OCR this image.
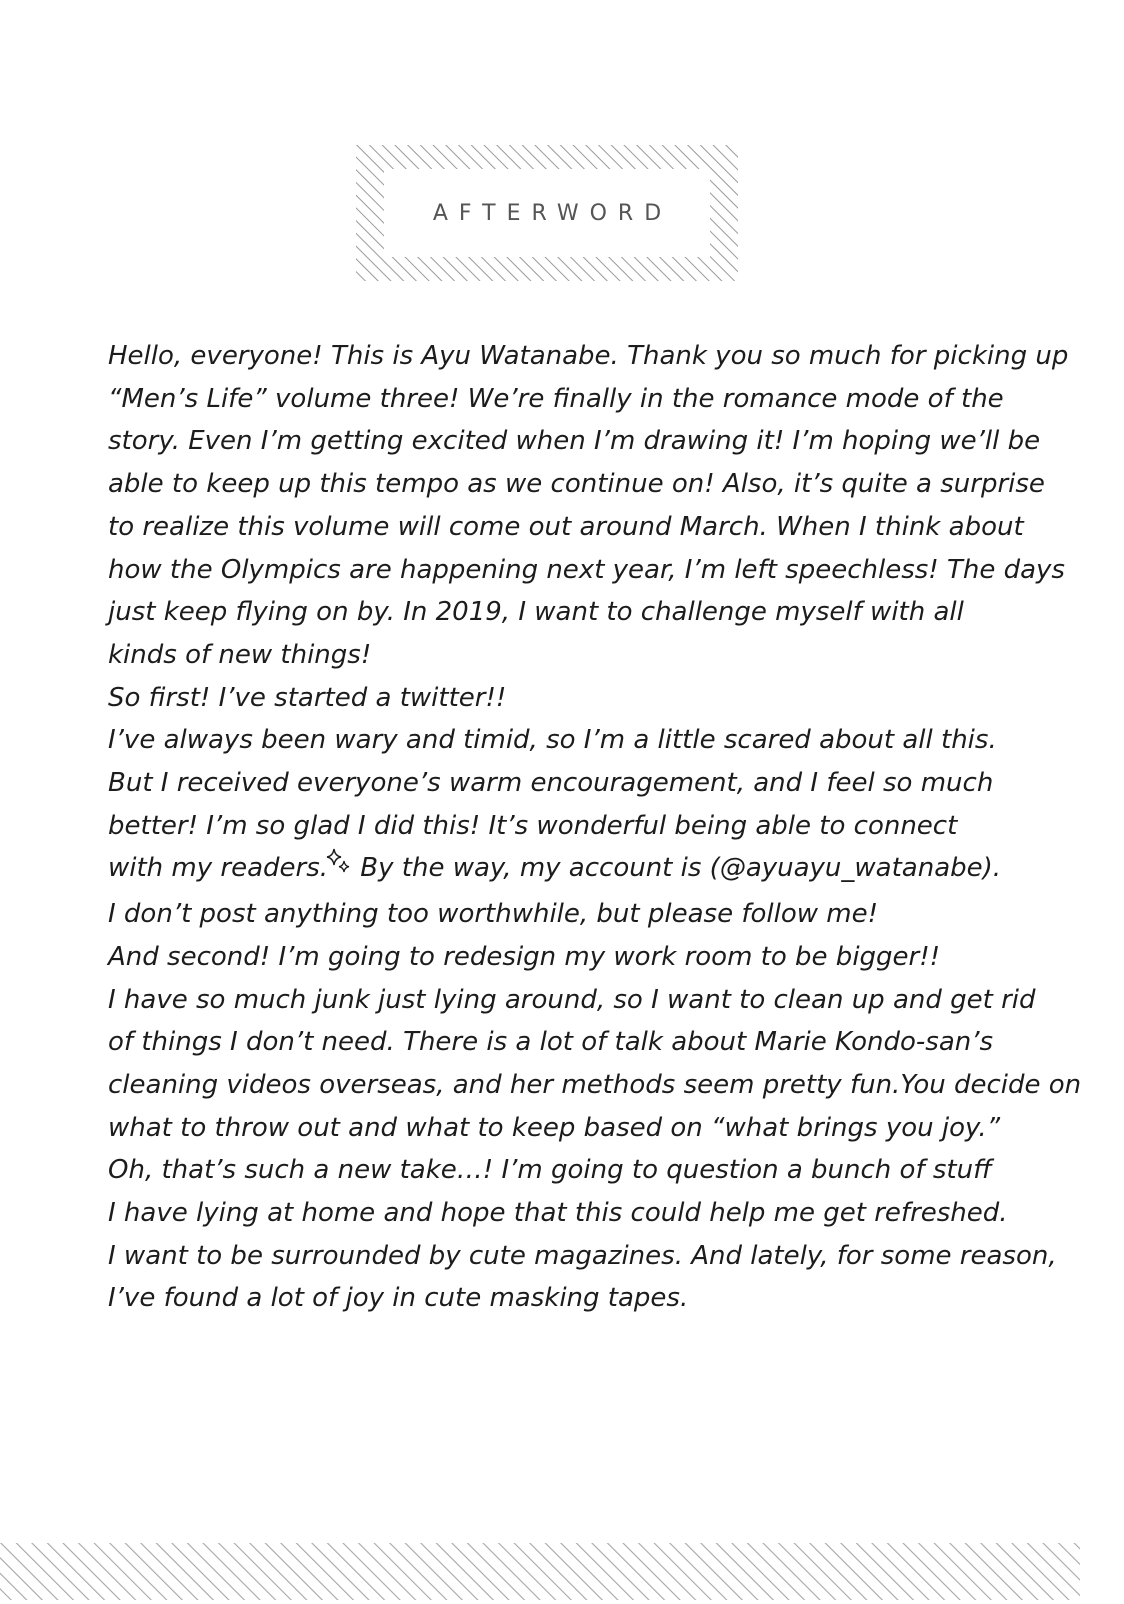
AFTERWORD
Hello, everyone! This is Ayu Watanabe. Thank you so much for picking up
“Men’s Life” volume three! We’re finally in the romance mode of the
story. Even I’m getting excited when I’m drawing it! I’m hoping we’ll be
able to keep up this tempo as we continue on! Also, it’s quite a surprise
to realize this volume will come out around March. When I think about
how the Olympics are happening next year, I’m left speechless! The days
just keep flying on by. In 2019, I want to challenge myself with all
kinds of new things!
So first! I’ve started a twitter!!
I’ve always been wary and timid, so I’m a little scared about all this.
But I received everyone’s warm encouragement, and I feel so much
better! I’m so glad I did this! It’s wonderful being able to connect
with my readers. By the way, my account is (@ayuayu_watanabe).
I don’t post anything too worthwhile, but please follow me!
And second! I’m going to redesign my work room to be bigger!!
I have so much junk just lying around, so I want to clean up and get rid
of things I don’t need. There is a lot of talk about Marie Kondo-san’s
cleaning videos overseas, and her methods seem pretty fun.You decide on
what to throw out and what to keep based on “what brings you joy.”
Oh, that’s such a new take…! I’m going to question a bunch of stuff
I have lying at home and hope that this could help me get refreshed.
I want to be surrounded by cute magazines. And lately, for some reason,
I’ve found a lot of joy in cute masking tapes.
